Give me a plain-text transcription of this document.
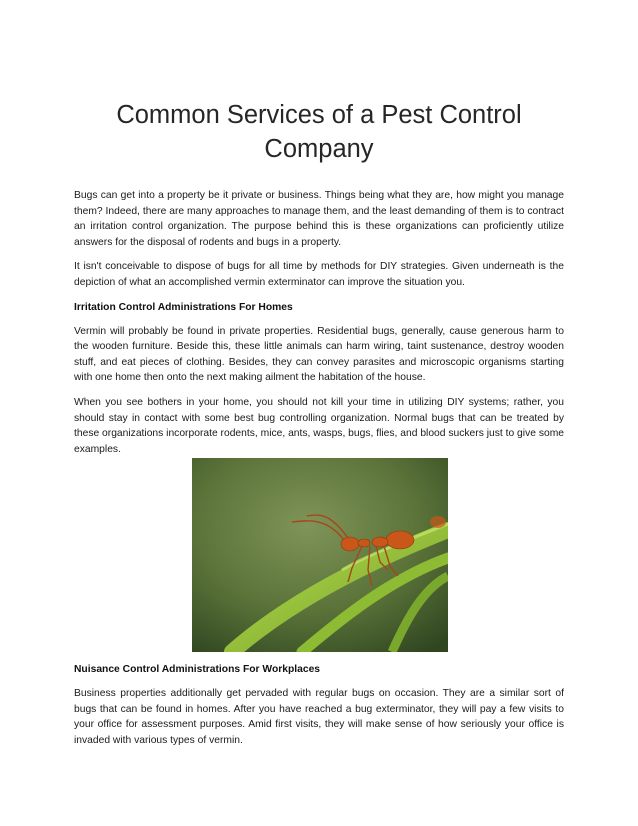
Common Services of a Pest Control Company

Bugs can get into a property be it private or business. Things being what they are, how might you manage them? Indeed, there are many approaches to manage them, and the least demanding of them is to contract an irritation control organization. The purpose behind this is these organizations can proficiently utilize answers for the disposal of rodents and bugs in a property.

It isn't conceivable to dispose of bugs for all time by methods for DIY strategies. Given underneath is the depiction of what an accomplished vermin exterminator can improve the situation you.

Irritation Control Administrations For Homes

Vermin will probably be found in private properties. Residential bugs, generally, cause generous harm to the wooden furniture. Beside this, these little animals can harm wiring, taint sustenance, destroy wooden stuff, and eat pieces of clothing. Besides, they can convey parasites and microscopic organisms starting with one home then onto the next making ailment the habitation of the house.

When you see bothers in your home, you should not kill your time in utilizing DIY systems; rather, you should stay in contact with some best bug controlling organization. Normal bugs that can be treated by these organizations incorporate rodents, mice, ants, wasps, bugs, flies, and blood suckers just to give some examples.

Nuisance Control Administrations For Workplaces

Business properties additionally get pervaded with regular bugs on occasion. They are a similar sort of bugs that can be found in homes. After you have reached a bug exterminator, they will pay a few visits to your office for assessment purposes. Amid first visits, they will make sense of how seriously your office is invaded with various types of vermin.
